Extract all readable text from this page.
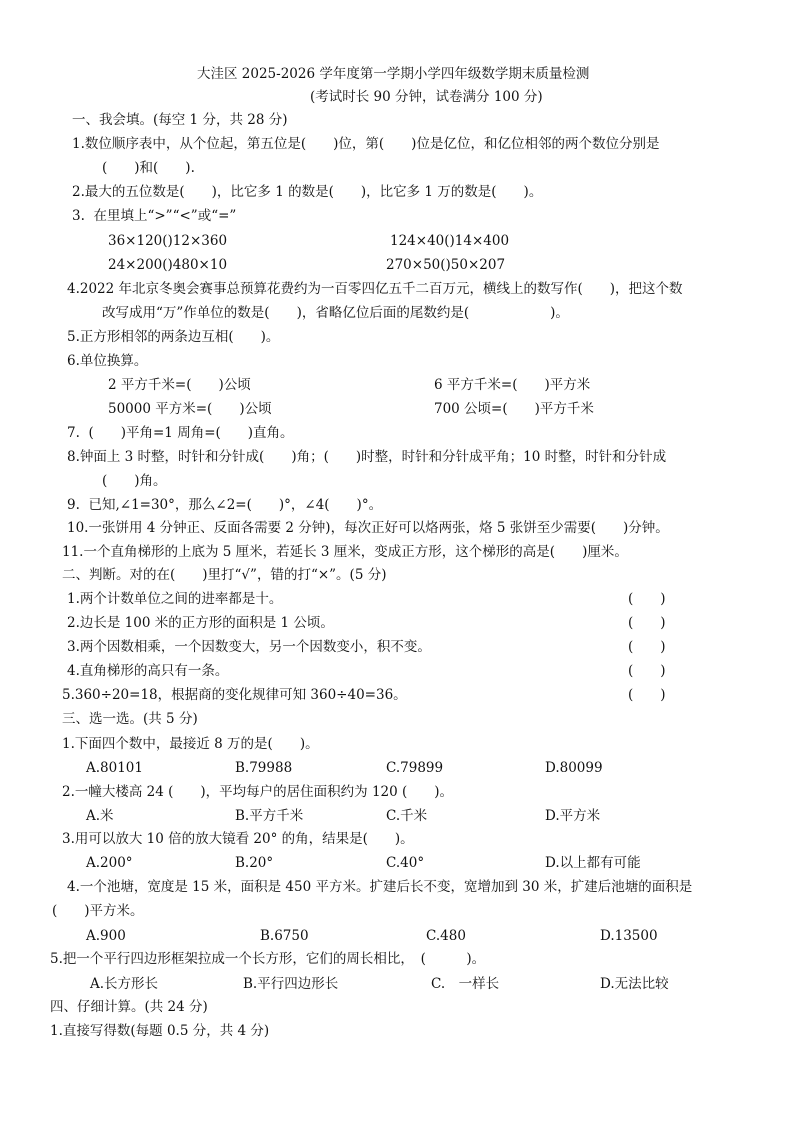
大洼区 2025-2026 学年度第一学期小学四年级数学期末质量检测
(考试时长 90 分钟，试卷满分 100 分)
一、我会填。(每空 1 分，共 28 分)
1.数位顺序表中，从个位起，第五位是(　　)位，第(　　)位是亿位，和亿位相邻的两个数位分别是
(　　)和(　　).
2.最大的五位数是(　　)，比它多 1 的数是(　　)，比它多 1 万的数是(　　)。
3.  在里填上“>”“<”或“=”
36×120()12×360	124×40()14×400
24×200()480×10	270×50()50×207
4.2022 年北京冬奥会赛事总预算花费约为一百零四亿五千二百万元，横线上的数写作(　　)，把这个数
改写成用“万”作单位的数是(　　)，省略亿位后面的尾数约是(　　　　　　)。
5.正方形相邻的两条边互相(　　)。
6.单位换算。
2 平方千米=(　　)公顷	6 平方千米=(　　)平方米
50000 平方米=(　　)公顷	700 公顷=(　　)平方千米
7.  (　　)平角=1 周角=(　　)直角。
8.钟面上 3 时整，时针和分针成(　　)角；(　　)时整，时针和分针成平角；10 时整，时针和分针成
(　　)角。
9.  已知,∠1=30°，那么∠2=(　　)°，∠4(　　)°。
10.一张饼用 4 分钟正、反面各需要 2 分钟)，每次正好可以烙两张，烙 5 张饼至少需要(　　)分钟。
11.一个直角梯形的上底为 5 厘米，若延长 3 厘米，变成正方形，这个梯形的高是(　　)厘米。
二、判断。对的在(　　)里打“√”，错的打“×”。(5 分)
1.两个计数单位之间的进率都是十。	(　　)
2.边长是 100 米的正方形的面积是 1 公顷。	(　　)
3.两个因数相乘，一个因数变大，另一个因数变小，积不变。	(　　)
4.直角梯形的高只有一条。	(　　)
5.360÷20=18，根据商的变化规律可知 360÷40=36。	(　　)
三、选一选。(共 5 分)
1.下面四个数中，最接近 8 万的是(　　)。
A.80101	B.79988	C.79899	D.80099
2.一幢大楼高 24 (　　)，平均每户的居住面积约为 120 (　　)。
A.米	B.平方千米	C.千米	D.平方米
3.用可以放大 10 倍的放大镜看 20° 的角，结果是(　　)。
A.200°	B.20°	C.40°	D.以上都有可能
4.一个池塘，宽度是 15 米，面积是 450 平方米。扩建后长不变，宽增加到 30 米，扩建后池塘的面积是
(　　)平方米。
A.900	B.6750	C.480	D.13500
5.把一个平行四边形框架拉成一个长方形，它们的周长相比，　(　　　)。
A.长方形长	B.平行四边形长	C.　一样长	D.无法比较
四、仔细计算。(共 24 分)
1.直接写得数(每题 0.5 分，共 4 分)
